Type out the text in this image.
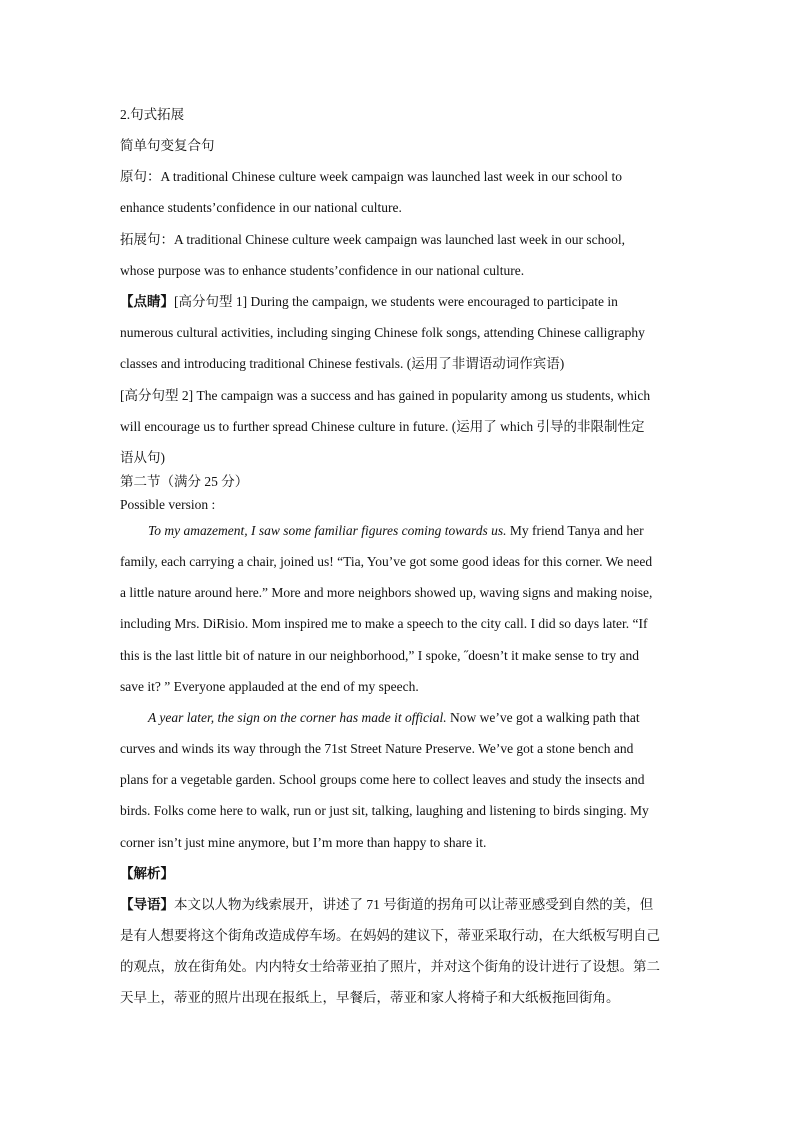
2.句式拓展
简单句变复合句
原句：A traditional Chinese culture week campaign was launched last week in our school to
enhance students’confidence in our national culture.
拓展句：A traditional Chinese culture week campaign was launched last week in our school,
whose purpose was to enhance students’confidence in our national culture.
【点睛】[高分句型 1] During the campaign, we students were encouraged to participate in
numerous cultural activities, including singing Chinese folk songs, attending Chinese calligraphy
classes and introducing traditional Chinese festivals. (运用了非谓语动词作宾语)
[高分句型 2] The campaign was a success and has gained in popularity among us students, which
will encourage us to further spread Chinese culture in future. (运用了 which 引导的非限制性定
语从句)
第二节（满分 25 分）
Possible version :
To my amazement, I saw some familiar figures coming towards us. My friend Tanya and her
family, each carrying a chair, joined us! “Tia, You’ve got some good ideas for this corner. We need
a little nature around here.” More and more neighbors showed up, waving signs and making noise,
including Mrs. DiRisio. Mom inspired me to make a speech to the city call. I did so days later. “If
this is the last little bit of nature in our neighborhood,” I spoke, ˝doesn’t it make sense to try and
save it? ” Everyone applauded at the end of my speech.
A year later, the sign on the corner has made it official. Now we’ve got a walking path that
curves and winds its way through the 71st Street Nature Preserve. We’ve got a stone bench and
plans for a vegetable garden. School groups come here to collect leaves and study the insects and
birds. Folks come here to walk, run or just sit, talking, laughing and listening to birds singing. My
corner isn’t just mine anymore, but I’m more than happy to share it.
【解析】
【导语】本文以人物为线索展开，讲述了 71 号街道的拐角可以让蒂亚感受到自然的美，但
是有人想要将这个街角改造成停车场。在妈妈的建议下，蒂亚采取行动，在大纸板写明自己
的观点，放在街角处。内内特女士给蒂亚拍了照片，并对这个街角的设计进行了设想。第二
天早上，蒂亚的照片出现在报纸上，早餐后，蒂亚和家人将椅子和大纸板拖回街角。
